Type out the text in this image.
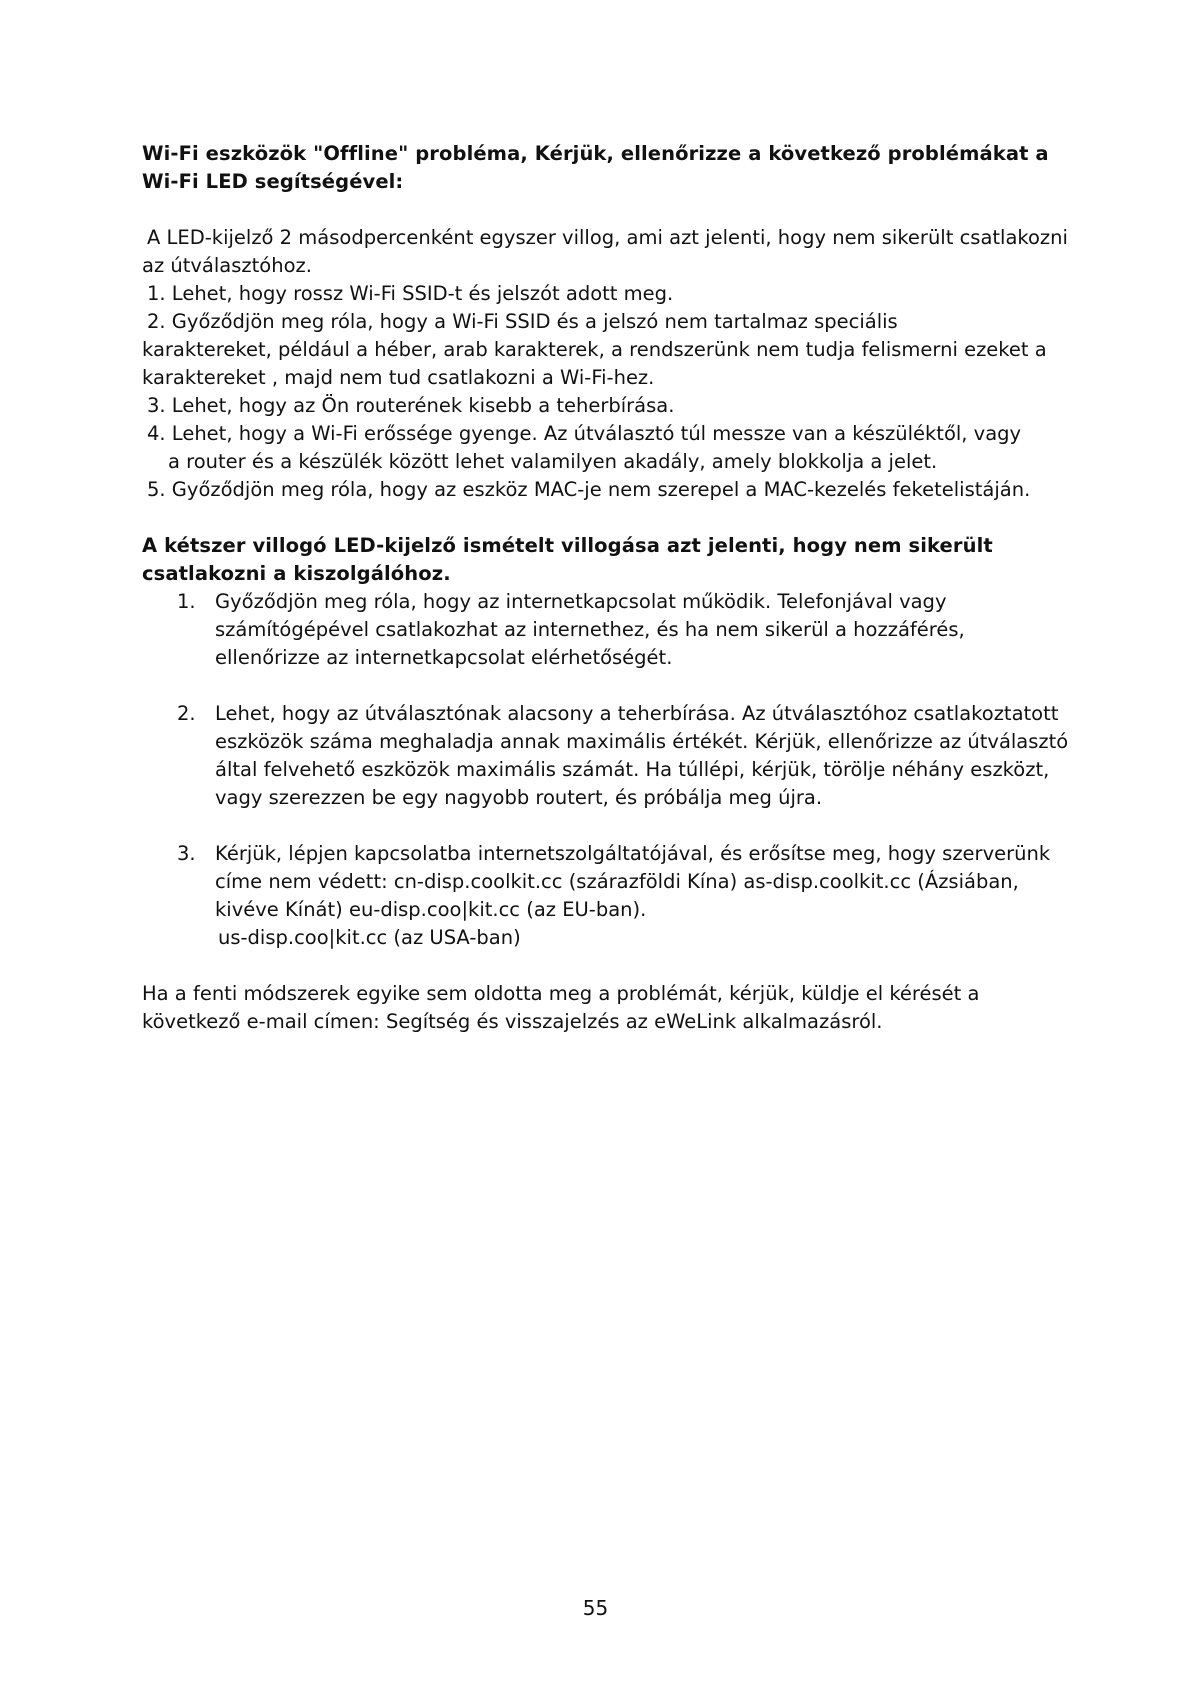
Wi-Fi eszközök "Offline" probléma, Kérjük, ellenőrizze a következő problémákat a Wi-Fi LED segítségével:

A LED-kijelző 2 másodpercenként egyszer villog, ami azt jelenti, hogy nem sikerült csatlakozni az útválasztóhoz.

1. Lehet, hogy rossz Wi-Fi SSID-t és jelszót adott meg.
2. Győződjön meg róla, hogy a Wi-Fi SSID és a jelszó nem tartalmaz speciális
karaktereket, például a héber, arab karakterek, a rendszerünk nem tudja felismerni ezeket a karaktereket , majd nem tud csatlakozni a Wi-Fi-hez.
3. Lehet, hogy az Ön routerének kisebb a teherbírása.
4. Lehet, hogy a Wi-Fi erőssége gyenge. Az útválasztó túl messze van a készüléktől, vagy
a router és a készülék között lehet valamilyen akadály, amely blokkolja a jelet.
5. Győződjön meg róla, hogy az eszköz MAC-je nem szerepel a MAC-kezelés feketelistáján.

A kétszer villogó LED-kijelző ismételt villogása azt jelenti, hogy nem sikerült csatlakozni a kiszolgálóhoz.

1. Győződjön meg róla, hogy az internetkapcsolat működik. Telefonjával vagy számítógépével csatlakozhat az internethez, és ha nem sikerül a hozzáférés, ellenőrizze az internetkapcsolat elérhetőségét.
2. Lehet, hogy az útválasztónak alacsony a teherbírása. Az útválasztóhoz csatlakoztatott eszközök száma meghaladja annak maximális értékét. Kérjük, ellenőrizze az útválasztó által felvehető eszközök maximális számát. Ha túllépi, kérjük, törölje néhány eszközt, vagy szerezzen be egy nagyobb routert, és próbálja meg újra.
3. Kérjük, lépjen kapcsolatba internetszolgáltatójával, és erősítse meg, hogy szerverünk címe nem védett: cn-disp.coolkit.cc (szárazföldi Kína) as-disp.coolkit.cc (Ázsiában, kivéve Kínát) eu-disp.coo|kit.cc (az EU-ban).
us-disp.coo|kit.cc (az USA-ban)

Ha a fenti módszerek egyike sem oldotta meg a problémát, kérjük, küldje el kérését a következő e-mail címen: Segítség és visszajelzés az eWeLink alkalmazásról.

55
